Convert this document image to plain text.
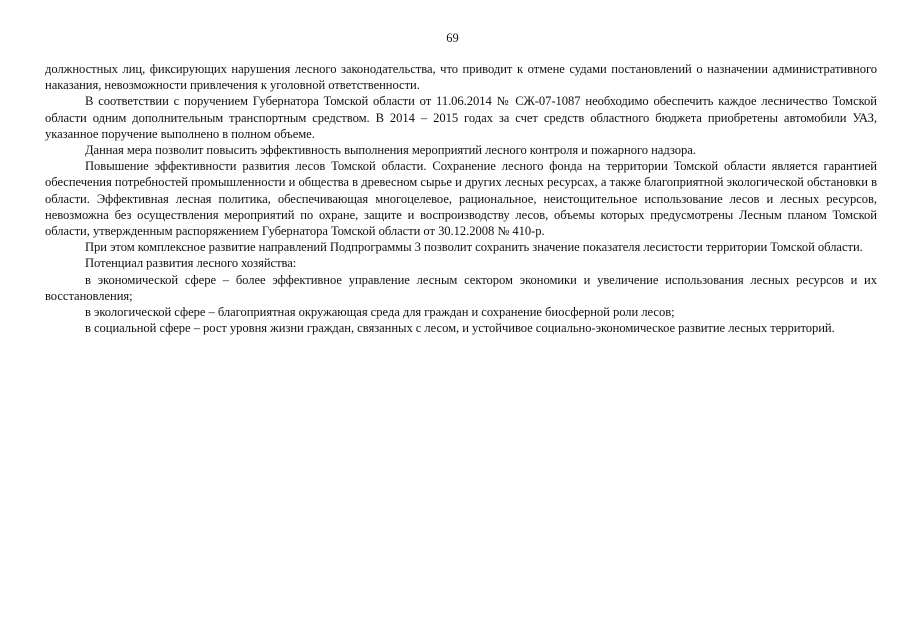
69

должностных лиц, фиксирующих нарушения лесного законодательства, что приводит к отмене судами постановлений о назначении административного наказания, невозможности привлечения к уголовной ответственности.

В соответствии с поручением Губернатора Томской области от 11.06.2014 № СЖ-07-1087 необходимо обеспечить каждое лесничество Томской области одним дополнительным транспортным средством. В 2014 – 2015 годах за счет средств областного бюджета приобретены автомобили УАЗ, указанное поручение выполнено в полном объеме.

Данная мера позволит повысить эффективность выполнения мероприятий лесного контроля и пожарного надзора.

Повышение эффективности развития лесов Томской области. Сохранение лесного фонда на территории Томской области является гарантией обеспечения потребностей промышленности и общества в древесном сырье и других лесных ресурсах, а также благоприятной экологической обстановки в области. Эффективная лесная политика, обеспечивающая многоцелевое, рациональное, неистощительное использование лесов и лесных ресурсов, невозможна без осуществления мероприятий по охране, защите и воспроизводству лесов, объемы которых предусмотрены Лесным планом Томской области, утвержденным распоряжением Губернатора Томской области от 30.12.2008 № 410-р.

При этом комплексное развитие направлений Подпрограммы 3 позволит сохранить значение показателя лесистости территории Томской области.

Потенциал развития лесного хозяйства:

в экономической сфере – более эффективное управление лесным сектором экономики и увеличение использования лесных ресурсов и их восстановления;

в экологической сфере – благоприятная окружающая среда для граждан и сохранение биосферной роли лесов;

в социальной сфере – рост уровня жизни граждан, связанных с лесом, и устойчивое социально-экономическое развитие лесных территорий.
